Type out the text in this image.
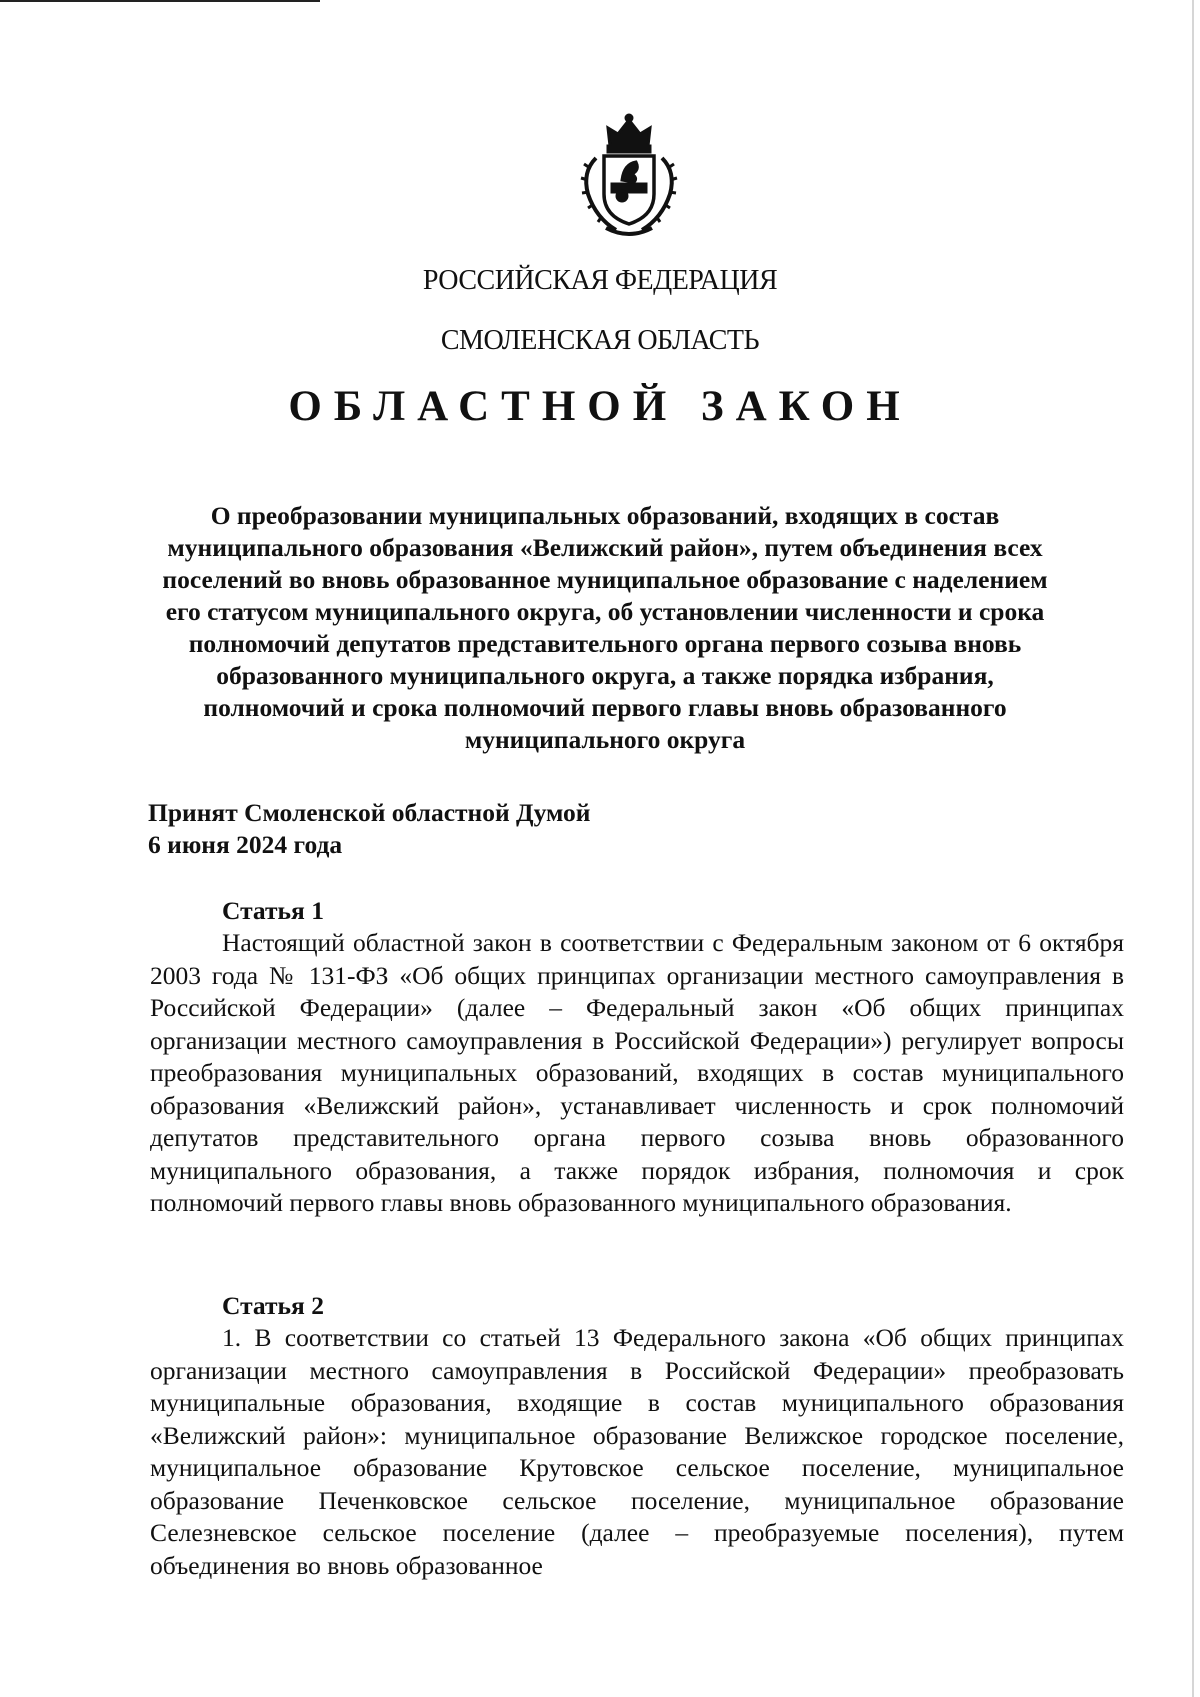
РОССИЙСКАЯ ФЕДЕРАЦИЯ
СМОЛЕНСКАЯ ОБЛАСТЬ
ОБЛАСТНОЙ ЗАКОН
О преобразовании муниципальных образований, входящих в состав муниципального образования «Велижский район», путем объединения всех поселений во вновь образованное муниципальное образование с наделением его статусом муниципального округа, об установлении численности и срока полномочий депутатов представительного органа первого созыва вновь образованного муниципального округа, а также порядка избрания, полномочий и срока полномочий первого главы вновь образованного муниципального округа
Принят Смоленской областной Думой
6 июня 2024 года

Статья 1

Настоящий областной закон в соответствии с Федеральным законом от 6 октября 2003 года № 131-ФЗ «Об общих принципах организации местного самоуправления в Российской Федерации» (далее – Федеральный закон «Об общих принципах организации местного самоуправления в Российской Федерации») регулирует вопросы преобразования муниципальных образований, входящих в состав муниципального образования «Велижский район», устанавливает численность и срок полномочий депутатов представительного органа первого созыва вновь образованного муниципального образования, а также порядок избрания, полномочия и срок полномочий первого главы вновь образованного муниципального образования.

Статья 2

1. В соответствии со статьей 13 Федерального закона «Об общих принципах организации местного самоуправления в Российской Федерации» преобразовать муниципальные образования, входящие в состав муниципального образования «Велижский район»: муниципальное образование Велижское городское поселение, муниципальное образование Крутовское сельское поселение, муниципальное образование Печенковское сельское поселение, муниципальное образование Селезневское сельское поселение (далее – преобразуемые поселения), путем объединения во вновь образованное
